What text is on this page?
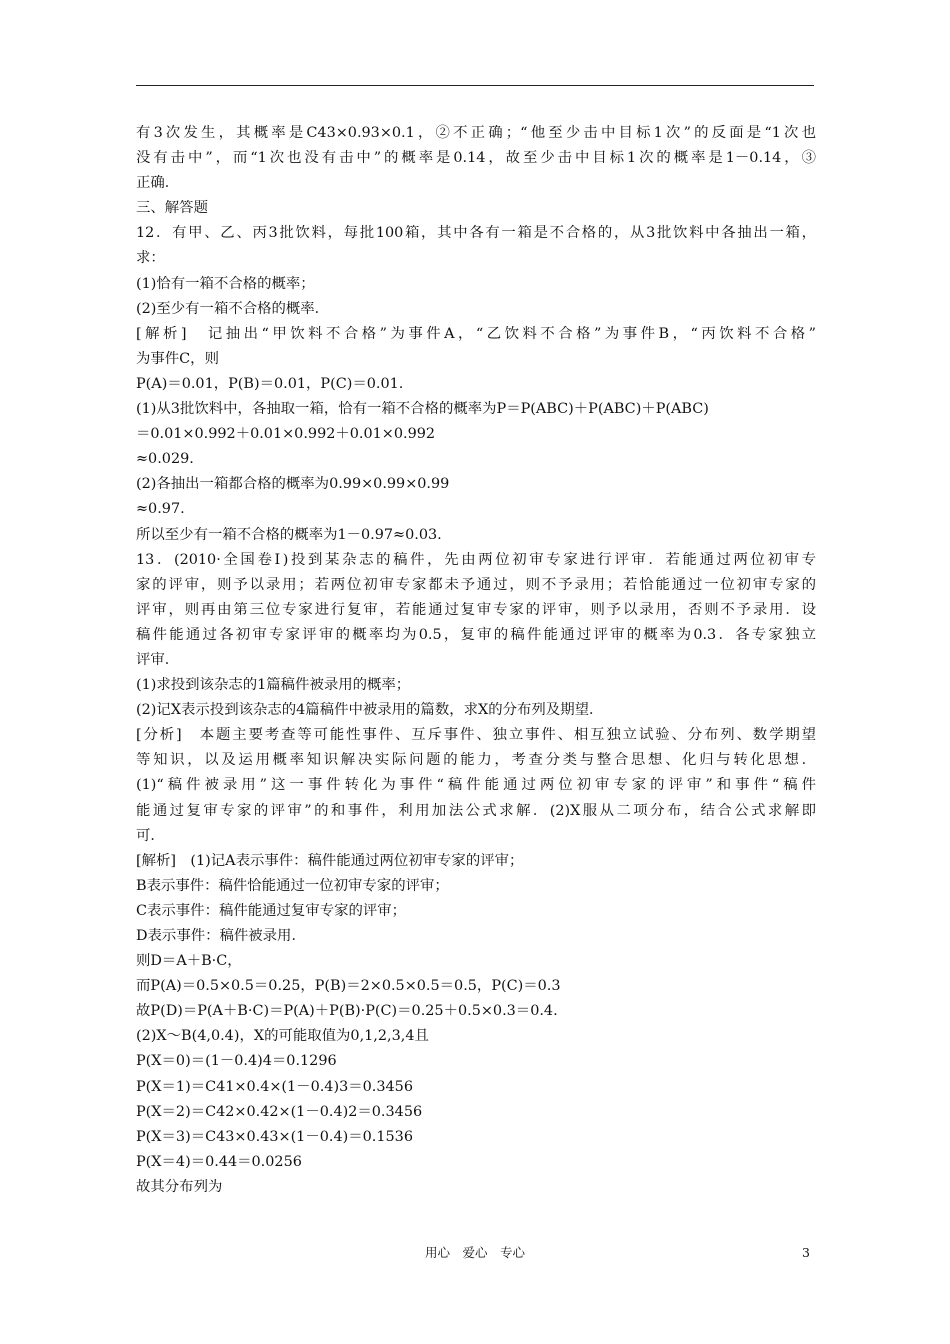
有3次发生，其概率是C43×0.93×0.1，②不正确；“他至少击中目标1次”的反面是“1次也
没有击中”，而“1次也没有击中”的概率是0.14，故至少击中目标1次的概率是1－0.14，③
正确．
三、解答题
12．有甲、乙、丙3批饮料，每批100箱，其中各有一箱是不合格的，从3批饮料中各抽出一箱，
求：
(1)恰有一箱不合格的概率；
(2)至少有一箱不合格的概率．
[解析]　记抽出“甲饮料不合格”为事件A，“乙饮料不合格”为事件B，“丙饮料不合格”
为事件C，则
P(A)＝0.01，P(B)＝0.01，P(C)＝0.01.
(1)从3批饮料中，各抽取一箱，恰有一箱不合格的概率为P＝P(ABC)＋P(ABC)＋P(ABC)
＝0.01×0.992＋0.01×0.992＋0.01×0.992
≈0.029.
(2)各抽出一箱都合格的概率为0.99×0.99×0.99
≈0.97.
所以至少有一箱不合格的概率为1－0.97≈0.03.
13．(2010·全国卷Ⅰ)投到某杂志的稿件，先由两位初审专家进行评审．若能通过两位初审专
家的评审，则予以录用；若两位初审专家都未予通过，则不予录用；若恰能通过一位初审专家的
评审，则再由第三位专家进行复审，若能通过复审专家的评审，则予以录用，否则不予录用．设
稿件能通过各初审专家评审的概率均为0.5，复审的稿件能通过评审的概率为0.3．各专家独立
评审．
(1)求投到该杂志的1篇稿件被录用的概率；
(2)记X表示投到该杂志的4篇稿件中被录用的篇数，求X的分布列及期望．
[分析]　本题主要考查等可能性事件、互斥事件、独立事件、相互独立试验、分布列、数学期望
等知识，以及运用概率知识解决实际问题的能力，考查分类与整合思想、化归与转化思想．
(1)“稿件被录用”这一事件转化为事件“稿件能通过两位初审专家的评审”和事件“稿件
能通过复审专家的评审”的和事件，利用加法公式求解．(2)X服从二项分布，结合公式求解即
可．
[解析]　(1)记A表示事件：稿件能通过两位初审专家的评审；
B表示事件：稿件恰能通过一位初审专家的评审；
C表示事件：稿件能通过复审专家的评审；
D表示事件：稿件被录用．
则D＝A＋B·C，
而P(A)＝0.5×0.5＝0.25，P(B)＝2×0.5×0.5＝0.5，P(C)＝0.3
故P(D)＝P(A＋B·C)＝P(A)＋P(B)·P(C)＝0.25＋0.5×0.3＝0.4.
(2)X～B(4,0.4)，X的可能取值为0,1,2,3,4且
P(X＝0)＝(1－0.4)4＝0.1296
P(X＝1)＝C41×0.4×(1－0.4)3＝0.3456
P(X＝2)＝C42×0.42×(1－0.4)2＝0.3456
P(X＝3)＝C43×0.43×(1－0.4)＝0.1536
P(X＝4)＝0.44＝0.0256
故其分布列为
用心　爱心　专心	3
